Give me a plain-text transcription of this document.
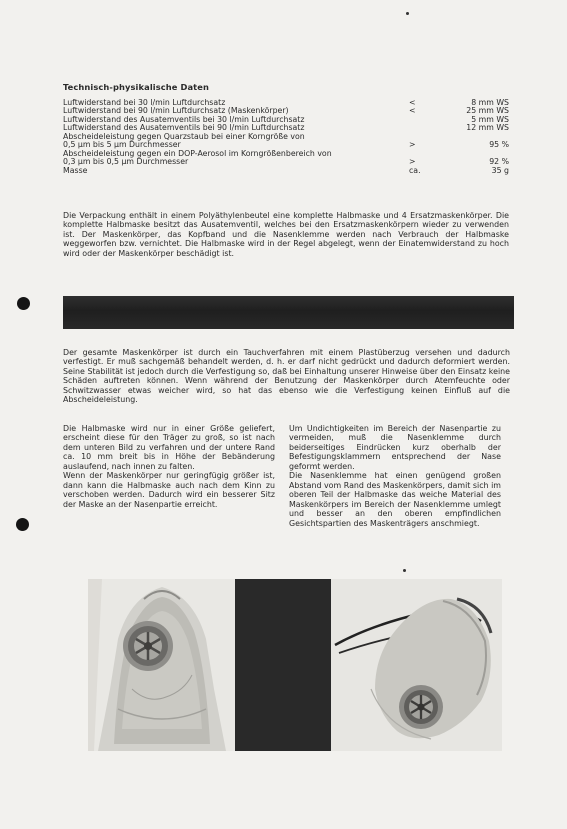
Technisch-physikalische Daten
Luftwiderstand bei 30 l/min Luftdurchsatz	<	8 mm WS
Luftwiderstand bei 90 l/min Luftdurchsatz (Maskenkörper)	<	25 mm WS
Luftwiderstand des Ausatemventils bei 30 l/min Luftdurchsatz	5 mm WS
Luftwiderstand des Ausatemventils bei 90 l/min Luftdurchsatz	12 mm WS
Abscheideleistung gegen Quarzstaub bei einer Korngröße von
0,5 µm bis 5 µm Durchmesser	>	95 %
Abscheideleistung gegen ein DOP-Aerosol im Korngrößenbereich von
0,3 µm bis 0,5 µm Durchmesser	>	92 %
Masse	ca.	35 g
Die Verpackung enthält in einem Polyäthylenbeutel eine komplette Halbmaske und 4 Ersatzmaskenkörper. Die komplette Halbmaske besitzt das Ausatemventil, welches bei den Ersatzmaskenkörpern wieder zu verwenden ist. Der Maskenkörper, das Kopfband und die Nasenklemme werden nach Verbrauch der Halbmaske weggeworfen bzw. vernichtet. Die Halbmaske wird in der Regel abgelegt, wenn der Einatemwiderstand zu hoch wird oder der Maskenkörper beschädigt ist.
Der gesamte Maskenkörper ist durch ein Tauchverfahren mit einem Plastüberzug versehen und dadurch verfestigt. Er muß sachgemäß behandelt werden, d. h. er darf nicht gedrückt und dadurch deformiert werden. Seine Stabilität ist jedoch durch die Verfestigung so, daß bei Einhaltung unserer Hinweise über den Einsatz keine Schäden auftreten können. Wenn während der Benutzung der Maskenkörper durch Atemfeuchte oder Schwitzwasser etwas weicher wird, so hat das ebenso wie die Verfestigung keinen Einfluß auf die Abscheideleistung.

Die Halbmaske wird nur in einer Größe geliefert, erscheint diese für den Träger zu groß, so ist nach dem unteren Bild zu verfahren und der untere Rand ca. 10 mm breit bis in Höhe der Bebänderung auslaufend, nach innen zu falten.

Wenn der Maskenkörper nur geringfügig größer ist, dann kann die Halbmaske auch nach dem Kinn zu verschoben werden. Dadurch wird ein besserer Sitz der Maske an der Nasenpartie erreicht.

Um Undichtigkeiten im Bereich der Nasenpartie zu vermeiden, muß die Nasenklemme durch beiderseitiges Eindrücken kurz oberhalb der Befestigungsklammern entsprechend der Nase geformt werden.

Die Nasenklemme hat einen genügend großen Abstand vom Rand des Maskenkörpers, damit sich im oberen Teil der Halbmaske das weiche Material des Maskenkörpers im Bereich der Nasenklemme umlegt und besser an den oberen empfindlichen Gesichtspartien des Maskenträgers anschmiegt.
